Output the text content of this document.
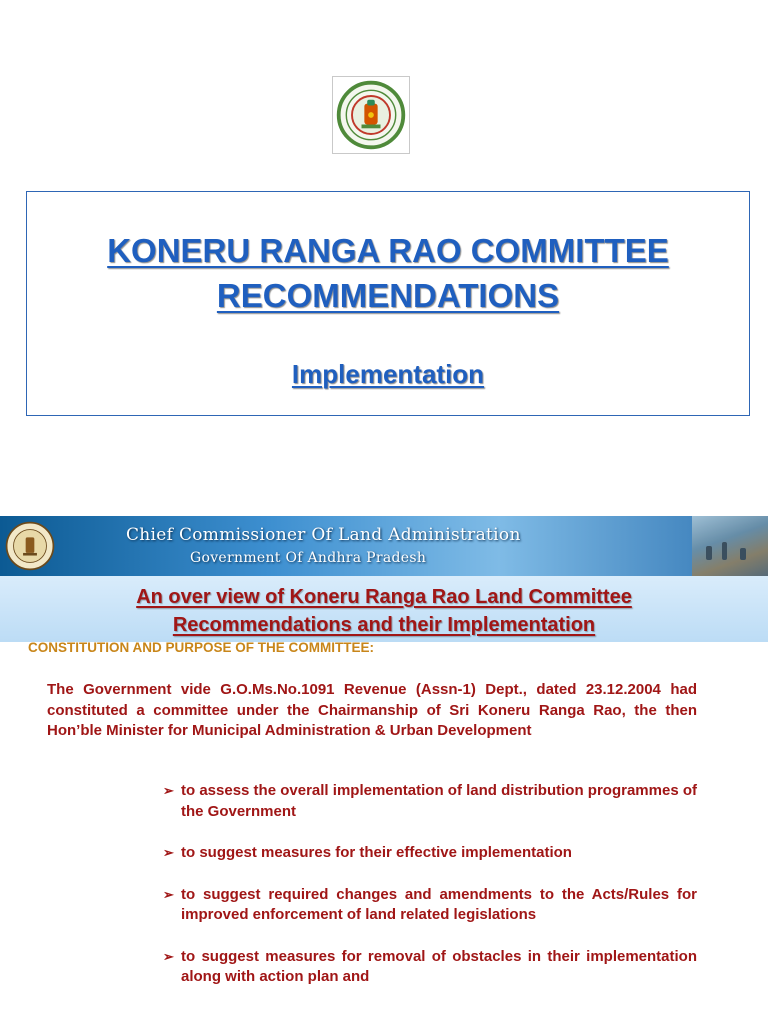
KONERU RANGA RAO COMMITTEE
RECOMMENDATIONS
Implementation
Chief Commissioner Of Land Administration
Government Of Andhra Pradesh
An over view of Koneru Ranga Rao Land Committee
Recommendations and their Implementation
CONSTITUTION AND PURPOSE OF THE COMMITTEE:

The Government vide G.O.Ms.No.1091 Revenue (Assn-1) Dept., dated 23.12.2004 had constituted a committee under the Chairmanship of Sri Koneru Ranga Rao, the then Hon’ble Minister for Municipal Administration & Urban Development

➢ to assess the overall implementation of land distribution programmes of the Government
➢ to suggest measures for their effective implementation
➢ to suggest required changes and amendments to the Acts/Rules for improved enforcement of land related legislations
➢ to suggest measures for removal of obstacles in their implementation along with action plan and
